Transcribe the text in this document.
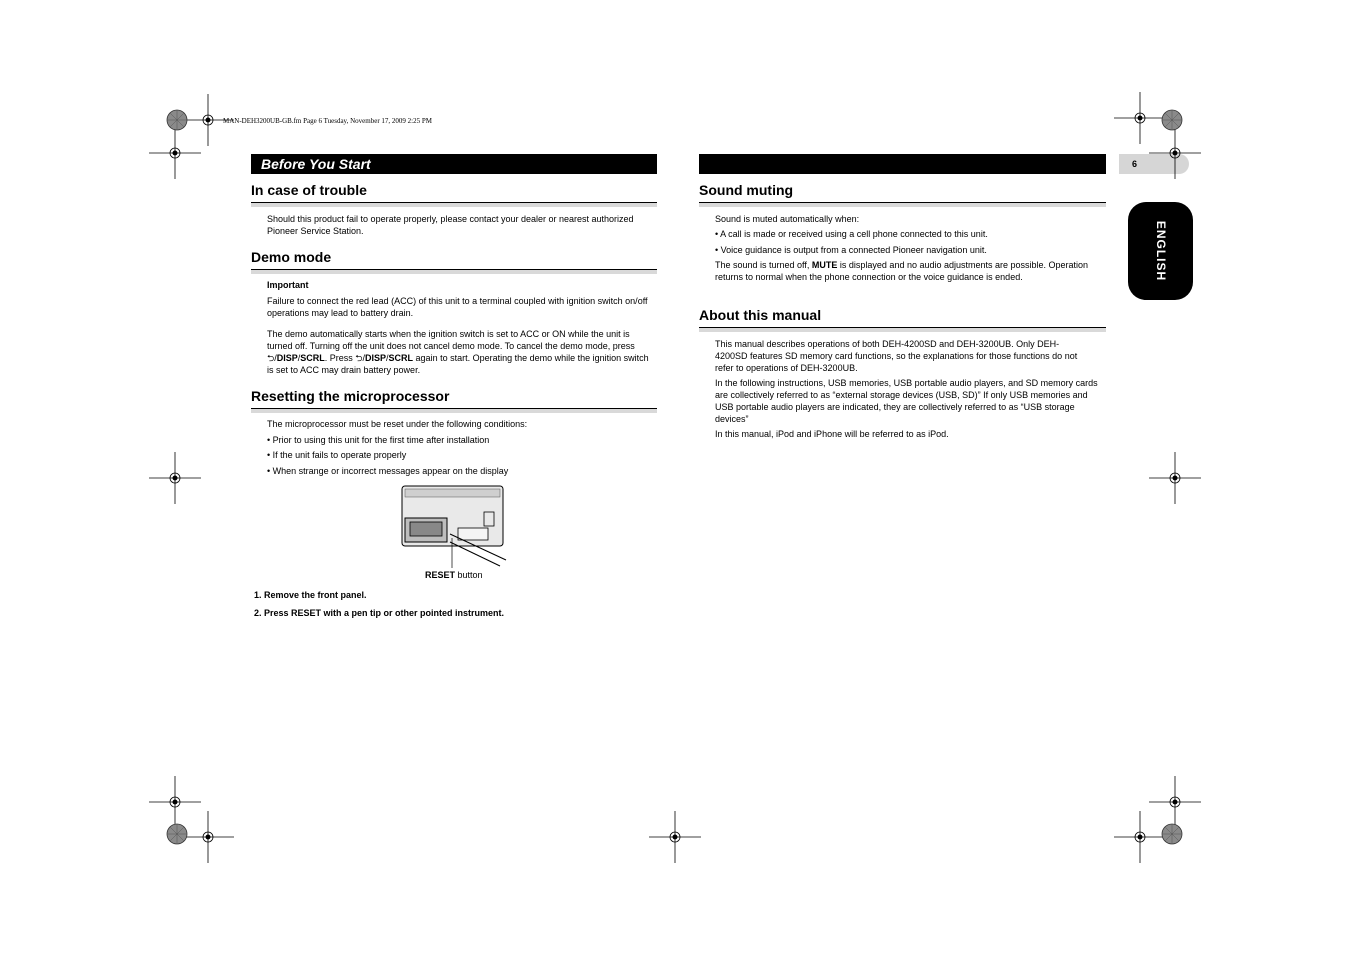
MAN-DEH3200UB-GB.fm Page 6 Tuesday, November 17, 2009 2:25 PM
Before You Start	6
ENGLISH
In case of trouble
Should this product fail to operate properly, please contact your dealer or nearest authorized Pioneer Service Station.
Demo mode
Important
Failure to connect the red lead (ACC) of this unit to a terminal coupled with ignition switch on/off operations may lead to battery drain.
The demo automatically starts when the ignition switch is set to ACC or ON while the unit is turned off. Turning off the unit does not cancel demo mode. To cancel the demo mode, press ⮌/DISP/SCRL. Press ⮌/DISP/SCRL again to start. Operating the demo while the ignition switch is set to ACC may drain battery power.
Resetting the microprocessor
The microprocessor must be reset under the following conditions:
• Prior to using this unit for the first time after installation
• If the unit fails to operate properly
• When strange or incorrect messages appear on the display
RESET button
1. Remove the front panel.
2. Press RESET with a pen tip or other pointed instrument.
Sound muting
Sound is muted automatically when:
• A call is made or received using a cell phone connected to this unit.
• Voice guidance is output from a connected Pioneer navigation unit.
The sound is turned off, MUTE is displayed and no audio adjustments are possible. Operation returns to normal when the phone connection or the voice guidance is ended.
About this manual
This manual describes operations of both DEH-4200SD and DEH-3200UB. Only DEH-4200SD features SD memory card functions, so the explanations for those functions do not refer to operations of DEH-3200UB.
In the following instructions, USB memories, USB portable audio players, and SD memory cards are collectively referred to as “external storage devices (USB, SD)” If only USB memories and USB portable audio players are indicated, they are collectively referred to as “USB storage devices”
In this manual, iPod and iPhone will be referred to as iPod.
